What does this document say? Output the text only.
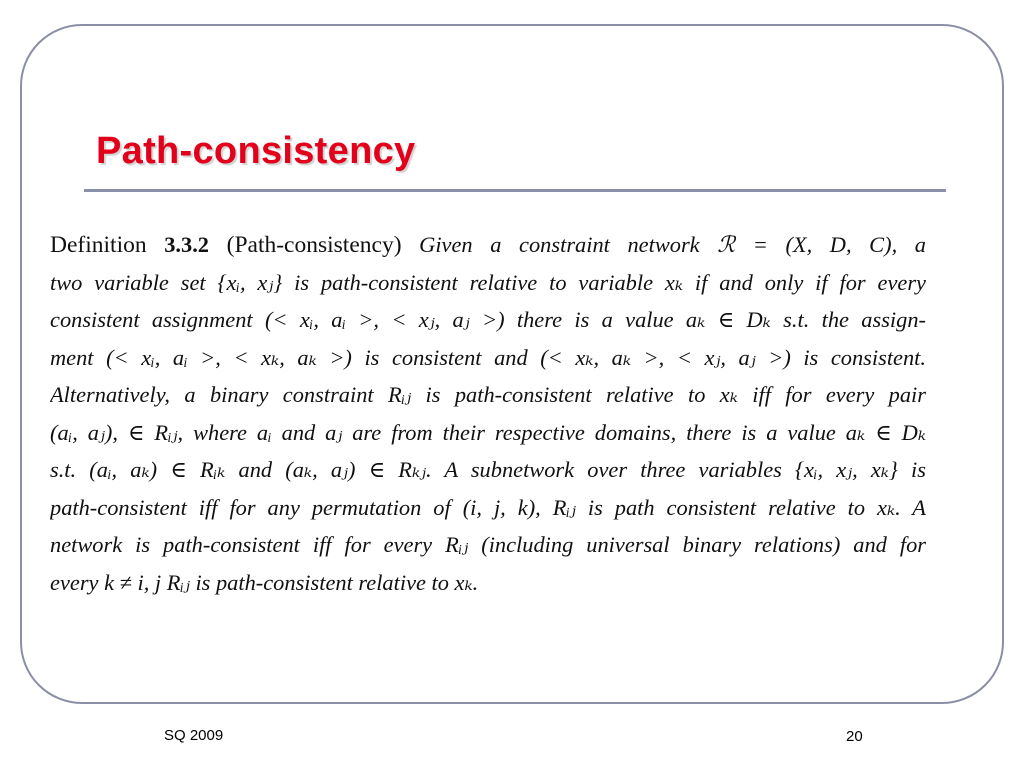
Path-consistency
Definition 3.3.2 (Path-consistency) Given a constraint network ℛ = (X, D, C), a
two variable set {xᵢ, xⱼ} is path-consistent relative to variable xₖ if and only if for every
consistent assignment (< xᵢ, aᵢ >, < xⱼ, aⱼ >) there is a value aₖ ∈ Dₖ s.t. the assign-
ment (< xᵢ, aᵢ >, < xₖ, aₖ >) is consistent and (< xₖ, aₖ >, < xⱼ, aⱼ >) is consistent.
Alternatively, a binary constraint Rᵢⱼ is path-consistent relative to xₖ iff for every pair
(aᵢ, aⱼ), ∈ Rᵢⱼ, where aᵢ and aⱼ are from their respective domains, there is a value aₖ ∈ Dₖ
s.t. (aᵢ, aₖ) ∈ Rᵢₖ and (aₖ, aⱼ) ∈ Rₖⱼ. A subnetwork over three variables {xᵢ, xⱼ, xₖ} is
path-consistent iff for any permutation of (i, j, k), Rᵢⱼ is path consistent relative to xₖ. A
network is path-consistent iff for every Rᵢⱼ (including universal binary relations) and for
every k ≠ i, j Rᵢⱼ is path-consistent relative to xₖ.
SQ 2009	20
